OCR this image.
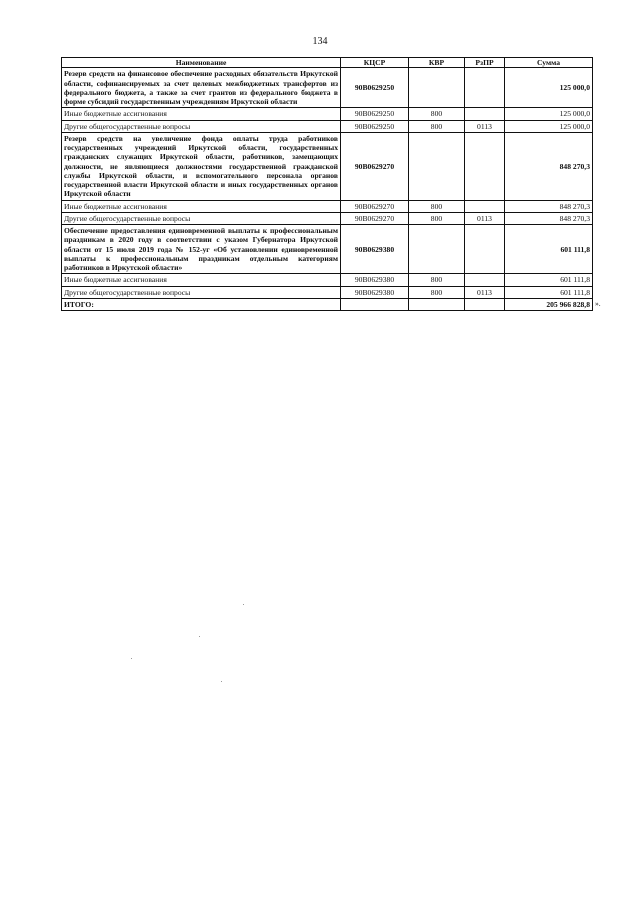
134
Наименование	КЦСР	КВР	РзПР	Сумма
Резерв средств на финансовое обеспечение расходных обязательств Иркутской области, софинансируемых за счет целевых межбюджетных трансфертов из федерального бюджета, а также за счет грантов из федерального бюджета в форме субсидий государственным учреждениям Иркутской области	90В0629250			125 000,0
Иные бюджетные ассигнования	90В0629250	800		125 000,0
Другие общегосударственные вопросы	90В0629250	800	0113	125 000,0
Резерв средств на увеличение фонда оплаты труда работников государственных учреждений Иркутской области, государственных гражданских служащих Иркутской области, работников, замещающих должности, не являющиеся должностями государственной гражданской службы Иркутской области, и вспомогательного персонала органов государственной власти Иркутской области и иных государственных органов Иркутской области	90В0629270			848 270,3
Иные бюджетные ассигнования	90В0629270	800		848 270,3
Другие общегосударственные вопросы	90В0629270	800	0113	848 270,3
Обеспечение предоставления единовременной выплаты к профессиональным праздникам в 2020 году в соответствии с указом Губернатора Иркутской области от 15 июля 2019 года № 152-уг «Об установлении единовременной выплаты к профессиональным праздникам отдельным категориям работников в Иркутской области»	90В0629380			601 111,8
Иные бюджетные ассигнования	90В0629380	800		601 111,8
Другие общегосударственные вопросы	90В0629380	800	0113	601 111,8
ИТОГО:				205 966 828,8 ».
